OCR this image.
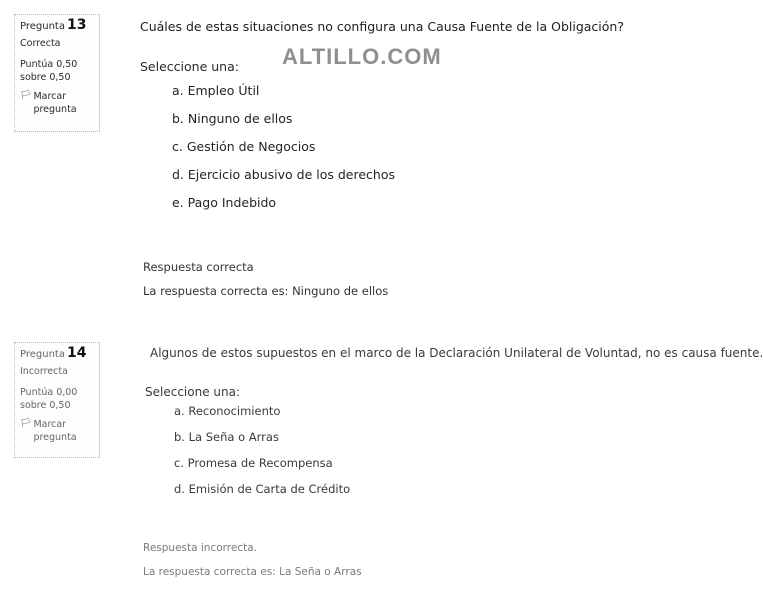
ALTILLO.COM
Pregunta 13
Correcta
Puntúa 0,50
sobre 0,50
🏳 Marcar pregunta
Cuáles de estas situaciones no configura una Causa Fuente de la Obligación?
Seleccione una:
a. Empleo Útil
b. Ninguno de ellos
c. Gestión de Negocios
d. Ejercicio abusivo de los derechos
e. Pago Indebido
Respuesta correcta
La respuesta correcta es: Ninguno de ellos
Pregunta 14
Incorrecta
Puntúa 0,00
sobre 0,50
🏳 Marcar pregunta
Algunos de estos supuestos en el marco de la Declaración Unilateral de Voluntad, no es causa fuente.
Seleccione una:
a. Reconocimiento
b. La Seña o Arras
c. Promesa de Recompensa
d. Emisión de Carta de Crédito
Respuesta incorrecta.
La respuesta correcta es: La Seña o Arras
